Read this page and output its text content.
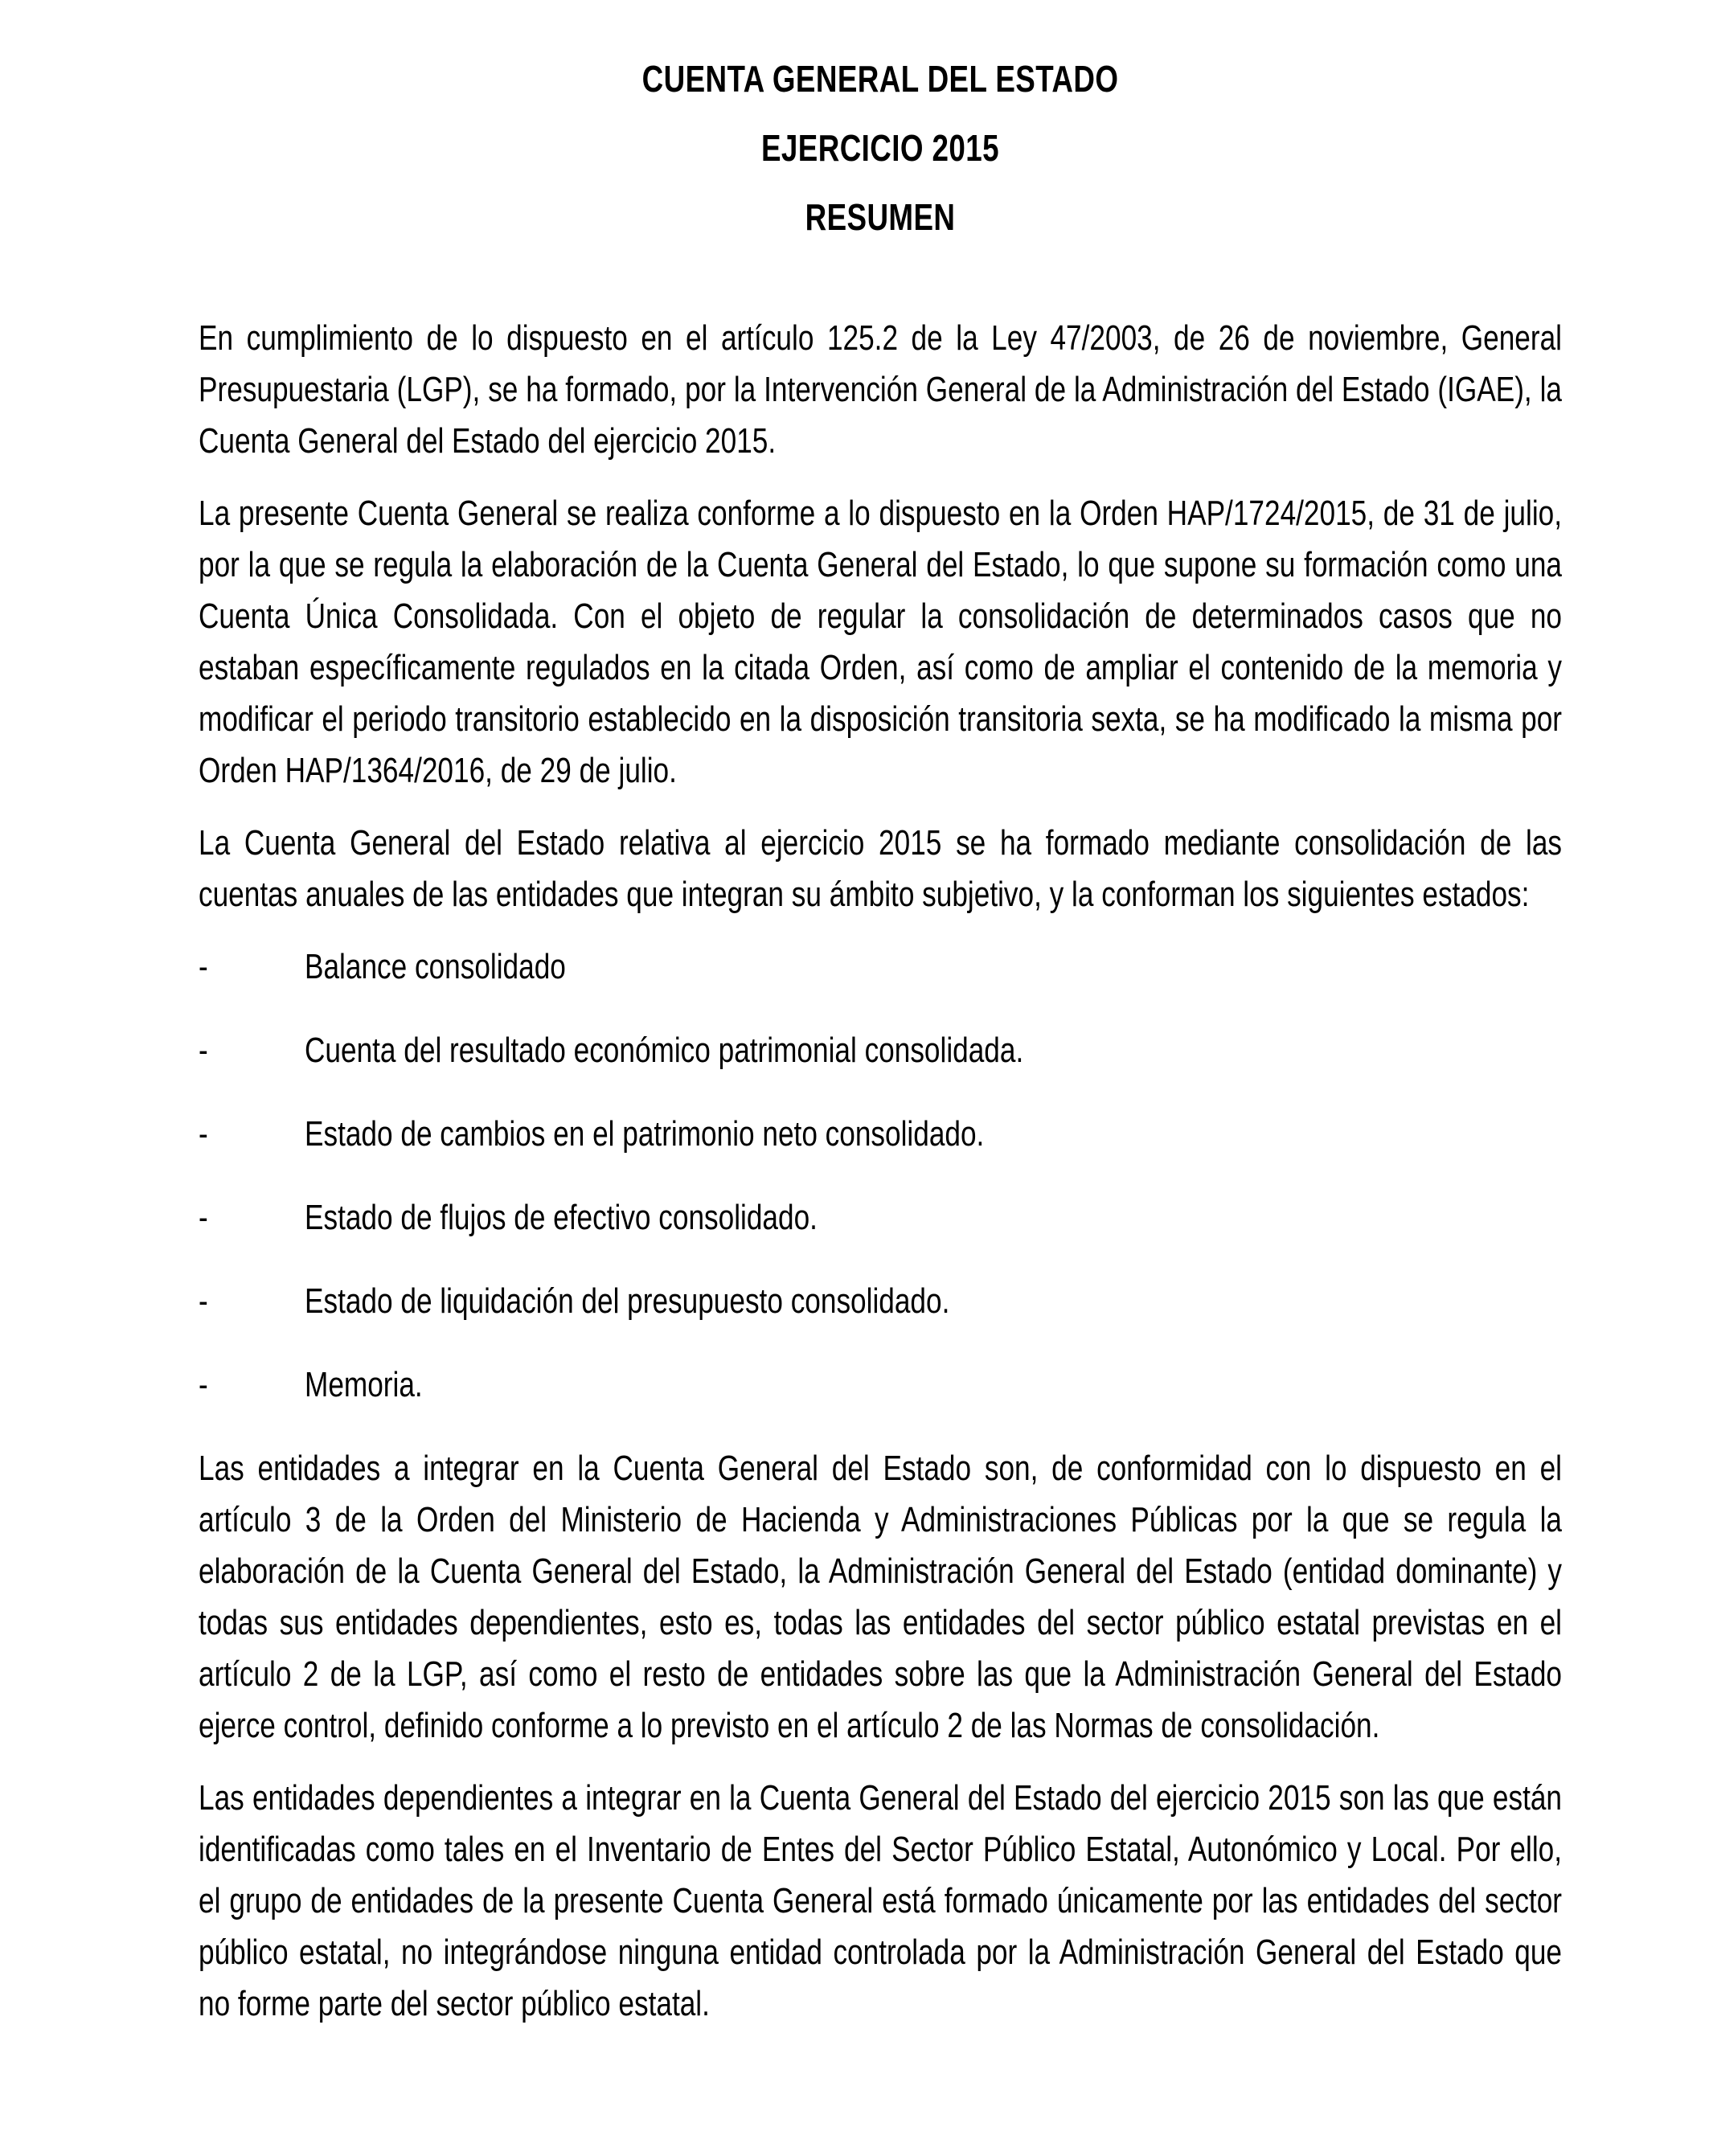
CUENTA GENERAL DEL ESTADO
EJERCICIO 2015
RESUMEN

En cumplimiento de lo dispuesto en el artículo 125.2 de la Ley 47/2003, de 26 de noviembre, General Presupuestaria (LGP), se ha formado, por la Intervención General de la Administración del Estado (IGAE), la Cuenta General del Estado del ejercicio 2015.

La presente Cuenta General se realiza conforme a lo dispuesto en la Orden HAP/1724/2015, de 31 de julio, por la que se regula la elaboración de la Cuenta General del Estado, lo que supone su formación como una Cuenta Única Consolidada. Con el objeto de regular la consolidación de determinados casos que no estaban específicamente regulados en la citada Orden, así como de ampliar el contenido de la memoria y modificar el periodo transitorio establecido en la disposición transitoria sexta, se ha modificado la misma por Orden HAP/1364/2016, de 29 de julio.

La Cuenta General del Estado relativa al ejercicio 2015 se ha formado mediante consolidación de las cuentas anuales de las entidades que integran su ámbito subjetivo, y la conforman los siguientes estados:

-	Balance consolidado
-	Cuenta del resultado económico patrimonial consolidada.
-	Estado de cambios en el patrimonio neto consolidado.
-	Estado de flujos de efectivo consolidado.
-	Estado de liquidación del presupuesto consolidado.
-	Memoria.

Las entidades a integrar en la Cuenta General del Estado son, de conformidad con lo dispuesto en el artículo 3 de la Orden del Ministerio de Hacienda y Administraciones Públicas por la que se regula la elaboración de la Cuenta General del Estado, la Administración General del Estado (entidad dominante) y todas sus entidades dependientes, esto es, todas las entidades del sector público estatal previstas en el artículo 2 de la LGP, así como el resto de entidades sobre las que la Administración General del Estado ejerce control, definido conforme a lo previsto en el artículo 2 de las Normas de consolidación.

Las entidades dependientes a integrar en la Cuenta General del Estado del ejercicio 2015 son las que están identificadas como tales en el Inventario de Entes del Sector Público Estatal, Autonómico y Local. Por ello, el grupo de entidades de la presente Cuenta General está formado únicamente por las entidades del sector público estatal, no integrándose ninguna entidad controlada por la Administración General del Estado que no forme parte del sector público estatal.
